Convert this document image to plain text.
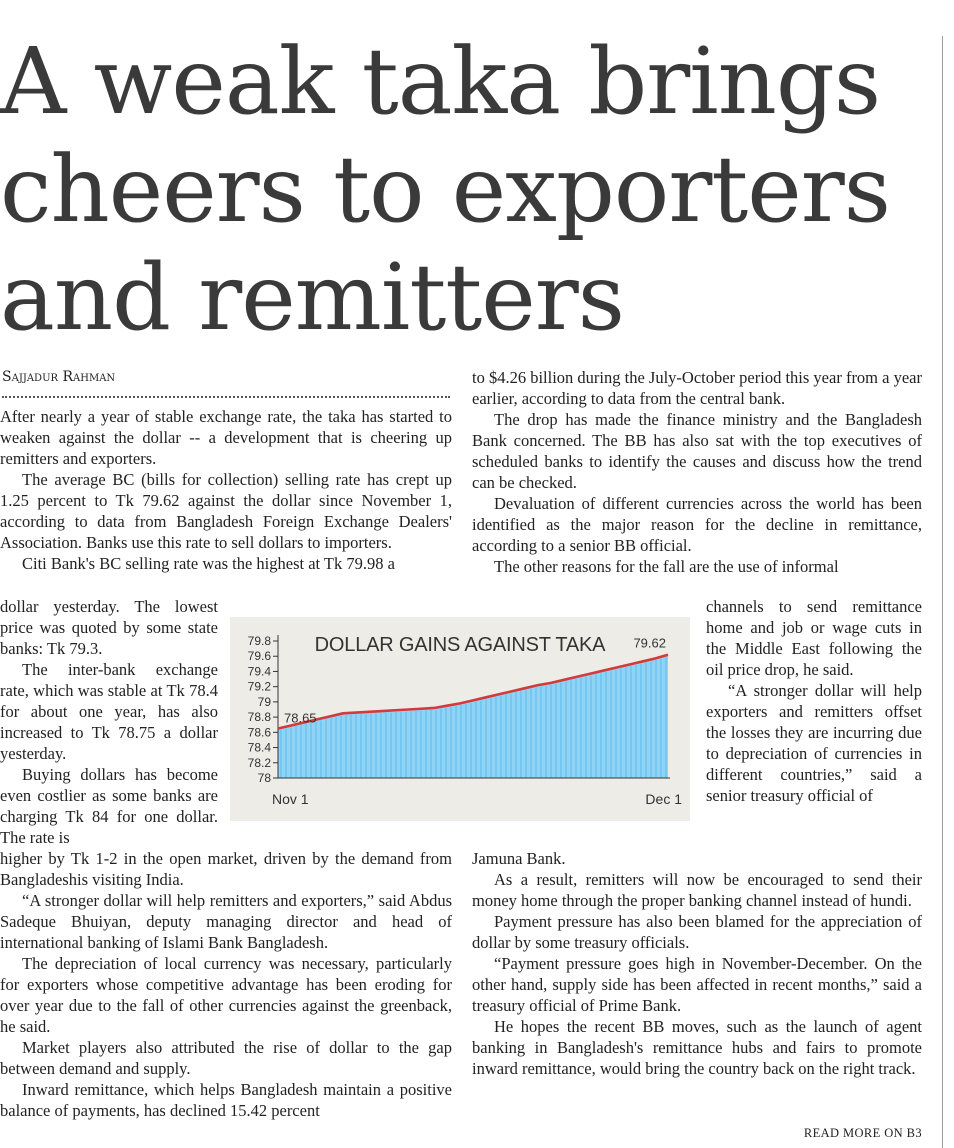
A weak taka brings
cheers to exporters
and remitters

Sajjadur Rahman

After nearly a year of stable exchange rate, the taka has started to weaken against the dollar -- a development that is cheering up remitters and exporters.

The average BC (bills for collection) selling rate has crept up 1.25 percent to Tk 79.62 against the dollar since November 1, according to data from Bangladesh Foreign Exchange Dealers' Association. Banks use this rate to sell dollars to importers.

Citi Bank's BC selling rate was the highest at Tk 79.98 a

dollar yesterday. The lowest price was quoted by some state banks: Tk 79.3.

The inter-bank exchange rate, which was stable at Tk 78.4 for about one year, has also increased to Tk 78.75 a dollar yesterday.

Buying dollars has become even costlier as some banks are charging Tk 84 for one dollar. The rate is

higher by Tk 1-2 in the open market, driven by the demand from Bangladeshis visiting India.

“A stronger dollar will help remitters and exporters,” said Abdus Sadeque Bhuiyan, deputy managing director and head of international banking of Islami Bank Bangladesh.

The depreciation of local currency was necessary, particularly for exporters whose competitive advantage has been eroding for over year due to the fall of other currencies against the greenback, he said.

Market players also attributed the rise of dollar to the gap between demand and supply.

Inward remittance, which helps Bangladesh maintain a positive balance of payments, has declined 15.42 percent

to $4.26 billion during the July-October period this year from a year earlier, according to data from the central bank.

The drop has made the finance ministry and the Bangladesh Bank concerned. The BB has also sat with the top executives of scheduled banks to identify the causes and discuss how the trend can be checked.

Devaluation of different currencies across the world has been identified as the major reason for the decline in remittance, according to a senior BB official.

The other reasons for the fall are the use of informal

channels to send remittance home and job or wage cuts in the Middle East following the oil price drop, he said.

“A stronger dollar will help exporters and remitters offset the losses they are incurring due to depreciation of currencies in different countries,” said a senior treasury official of

Jamuna Bank.

As a result, remitters will now be encouraged to send their money home through the proper banking channel instead of hundi.

Payment pressure has also been blamed for the appreciation of dollar by some treasury officials.

“Payment pressure goes high in November-December. On the other hand, supply side has been affected in recent months,” said a treasury official of Prime Bank.

He hopes the recent BB moves, such as the launch of agent banking in Bangladesh's remittance hubs and fairs to promote inward remittance, would bring the country back on the right track.

READ MORE ON B3

78
78.2
78.4
78.6
78.8
79
79.2
79.4
79.6
79.8
Nov 1	Dec 1
DOLLAR GAINS AGAINST TAKA
78.65
79.62
